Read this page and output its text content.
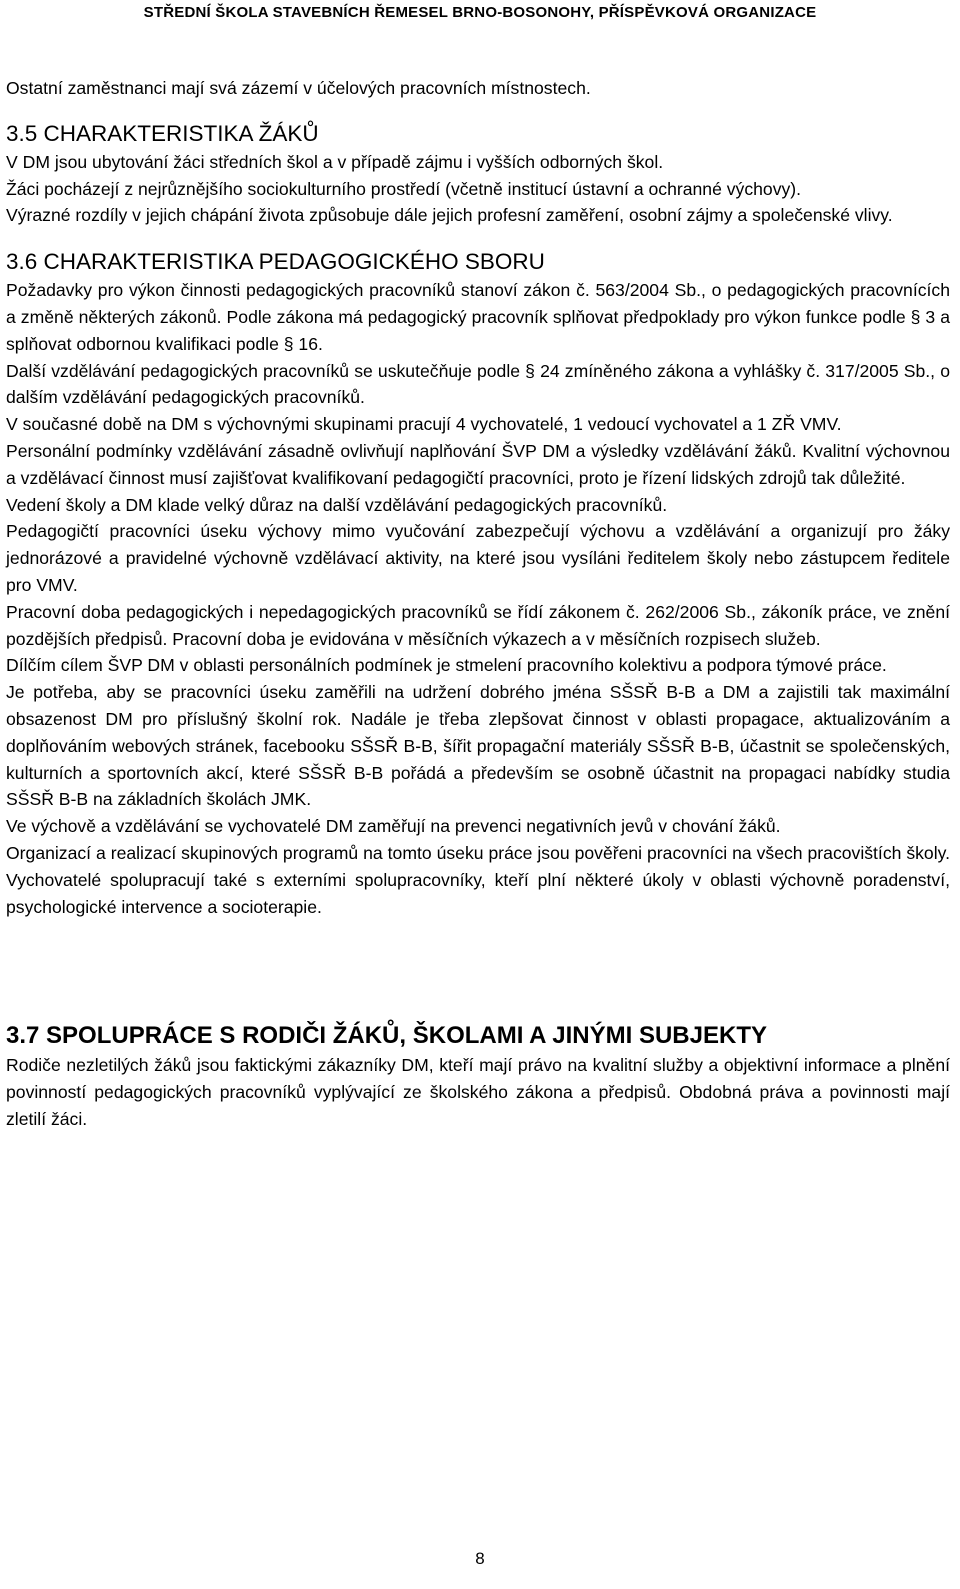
STŘEDNÍ ŠKOLA STAVEBNÍCH ŘEMESEL BRNO-BOSONOHY, PŘÍSPĚVKOVÁ ORGANIZACE

Ostatní zaměstnanci mají svá zázemí v účelových pracovních místnostech.

3.5 CHARAKTERISTIKA ŽÁKŮ

V DM jsou ubytování žáci středních škol a v případě zájmu i vyšších odborných škol.

Žáci pocházejí z nejrůznějšího sociokulturního prostředí (včetně institucí ústavní a ochranné výchovy).

Výrazné rozdíly v jejich chápání života způsobuje dále jejich profesní zaměření, osobní zájmy a společenské vlivy.

3.6 CHARAKTERISTIKA PEDAGOGICKÉHO SBORU

Požadavky pro výkon činnosti pedagogických pracovníků stanoví zákon č. 563/2004 Sb., o pedagogických pracovnících a změně některých zákonů. Podle zákona má pedagogický pracovník splňovat předpoklady pro výkon funkce podle § 3 a splňovat odbornou kvalifikaci podle § 16.

Další vzdělávání pedagogických pracovníků se uskutečňuje podle § 24 zmíněného zákona a vyhlášky č. 317/2005 Sb., o dalším vzdělávání pedagogických pracovníků.

V současné době na DM s výchovnými skupinami pracují 4 vychovatelé, 1 vedoucí vychovatel a 1 ZŘ VMV.

Personální podmínky vzdělávání zásadně ovlivňují naplňování ŠVP DM a výsledky vzdělávání žáků. Kvalitní výchovnou a vzdělávací činnost musí zajišťovat kvalifikovaní pedagogičtí pracovníci, proto je řízení lidských zdrojů tak důležité.

Vedení školy a DM klade velký důraz na další vzdělávání pedagogických pracovníků.

Pedagogičtí pracovníci úseku výchovy mimo vyučování zabezpečují výchovu a vzdělávání a organizují pro žáky jednorázové a pravidelné výchovně vzdělávací aktivity, na které jsou vysíláni ředitelem školy nebo zástupcem ředitele pro VMV.

Pracovní doba pedagogických i nepedagogických pracovníků se řídí zákonem č. 262/2006 Sb., zákoník práce, ve znění pozdějších předpisů. Pracovní doba je evidována v měsíčních výkazech a v měsíčních rozpisech služeb.

Dílčím cílem ŠVP DM v oblasti personálních podmínek je stmelení pracovního kolektivu a podpora týmové práce.

Je potřeba, aby se pracovníci úseku zaměřili na udržení dobrého jména SŠSŘ B-B a DM a zajistili tak maximální obsazenost DM pro příslušný školní rok. Nadále je třeba zlepšovat činnost v oblasti propagace, aktualizováním a doplňováním webových stránek, facebooku SŠSŘ B-B, šířit propagační materiály SŠSŘ B-B, účastnit se společenských, kulturních a sportovních akcí, které SŠSŘ B-B pořádá a především se osobně účastnit na propagaci nabídky studia SŠSŘ B-B na základních školách JMK.

Ve výchově a vzdělávání se vychovatelé DM zaměřují na prevenci negativních jevů v chování žáků.

Organizací a realizací skupinových programů na tomto úseku práce jsou pověřeni pracovníci na všech pracovištích školy. Vychovatelé spolupracují také s externími spolupracovníky, kteří plní některé úkoly v oblasti výchovně poradenství, psychologické intervence a socioterapie.

3.7 SPOLUPRÁCE S RODIČI ŽÁKŮ, ŠKOLAMI A JINÝMI SUBJEKTY

Rodiče nezletilých žáků jsou faktickými zákazníky DM, kteří mají právo na kvalitní služby a objektivní informace a plnění povinností pedagogických pracovníků vyplývající ze školského zákona a předpisů. Obdobná práva a povinnosti mají zletilí žáci.

8
